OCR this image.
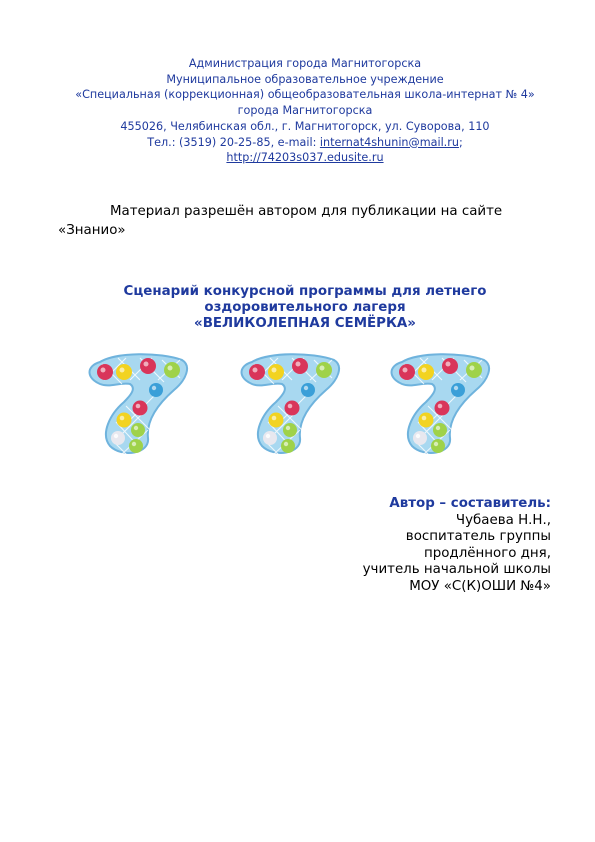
Администрация города Магнитогорска
Муниципальное образовательное учреждение
«Специальная (коррекционная) общеобразовательная школа-интернат № 4»
города Магнитогорска
455026, Челябинская обл., г. Магнитогорск, ул. Суворова, 110
Тел.: (3519) 20-25-85, e-mail: internat4shunin@mail.ru;
http://74203s037.edusite.ru
Материал разрешён автором для публикации на сайте
«Знанио»
Сценарий конкурсной программы для летнего
оздоровительного лагеря
«ВЕЛИКОЛЕПНАЯ СЕМЁРКА»
Автор – составитель:
Чубаева Н.Н.,
воспитатель группы
продлённого дня,
учитель начальной школы
МОУ «С(К)ОШИ №4»
